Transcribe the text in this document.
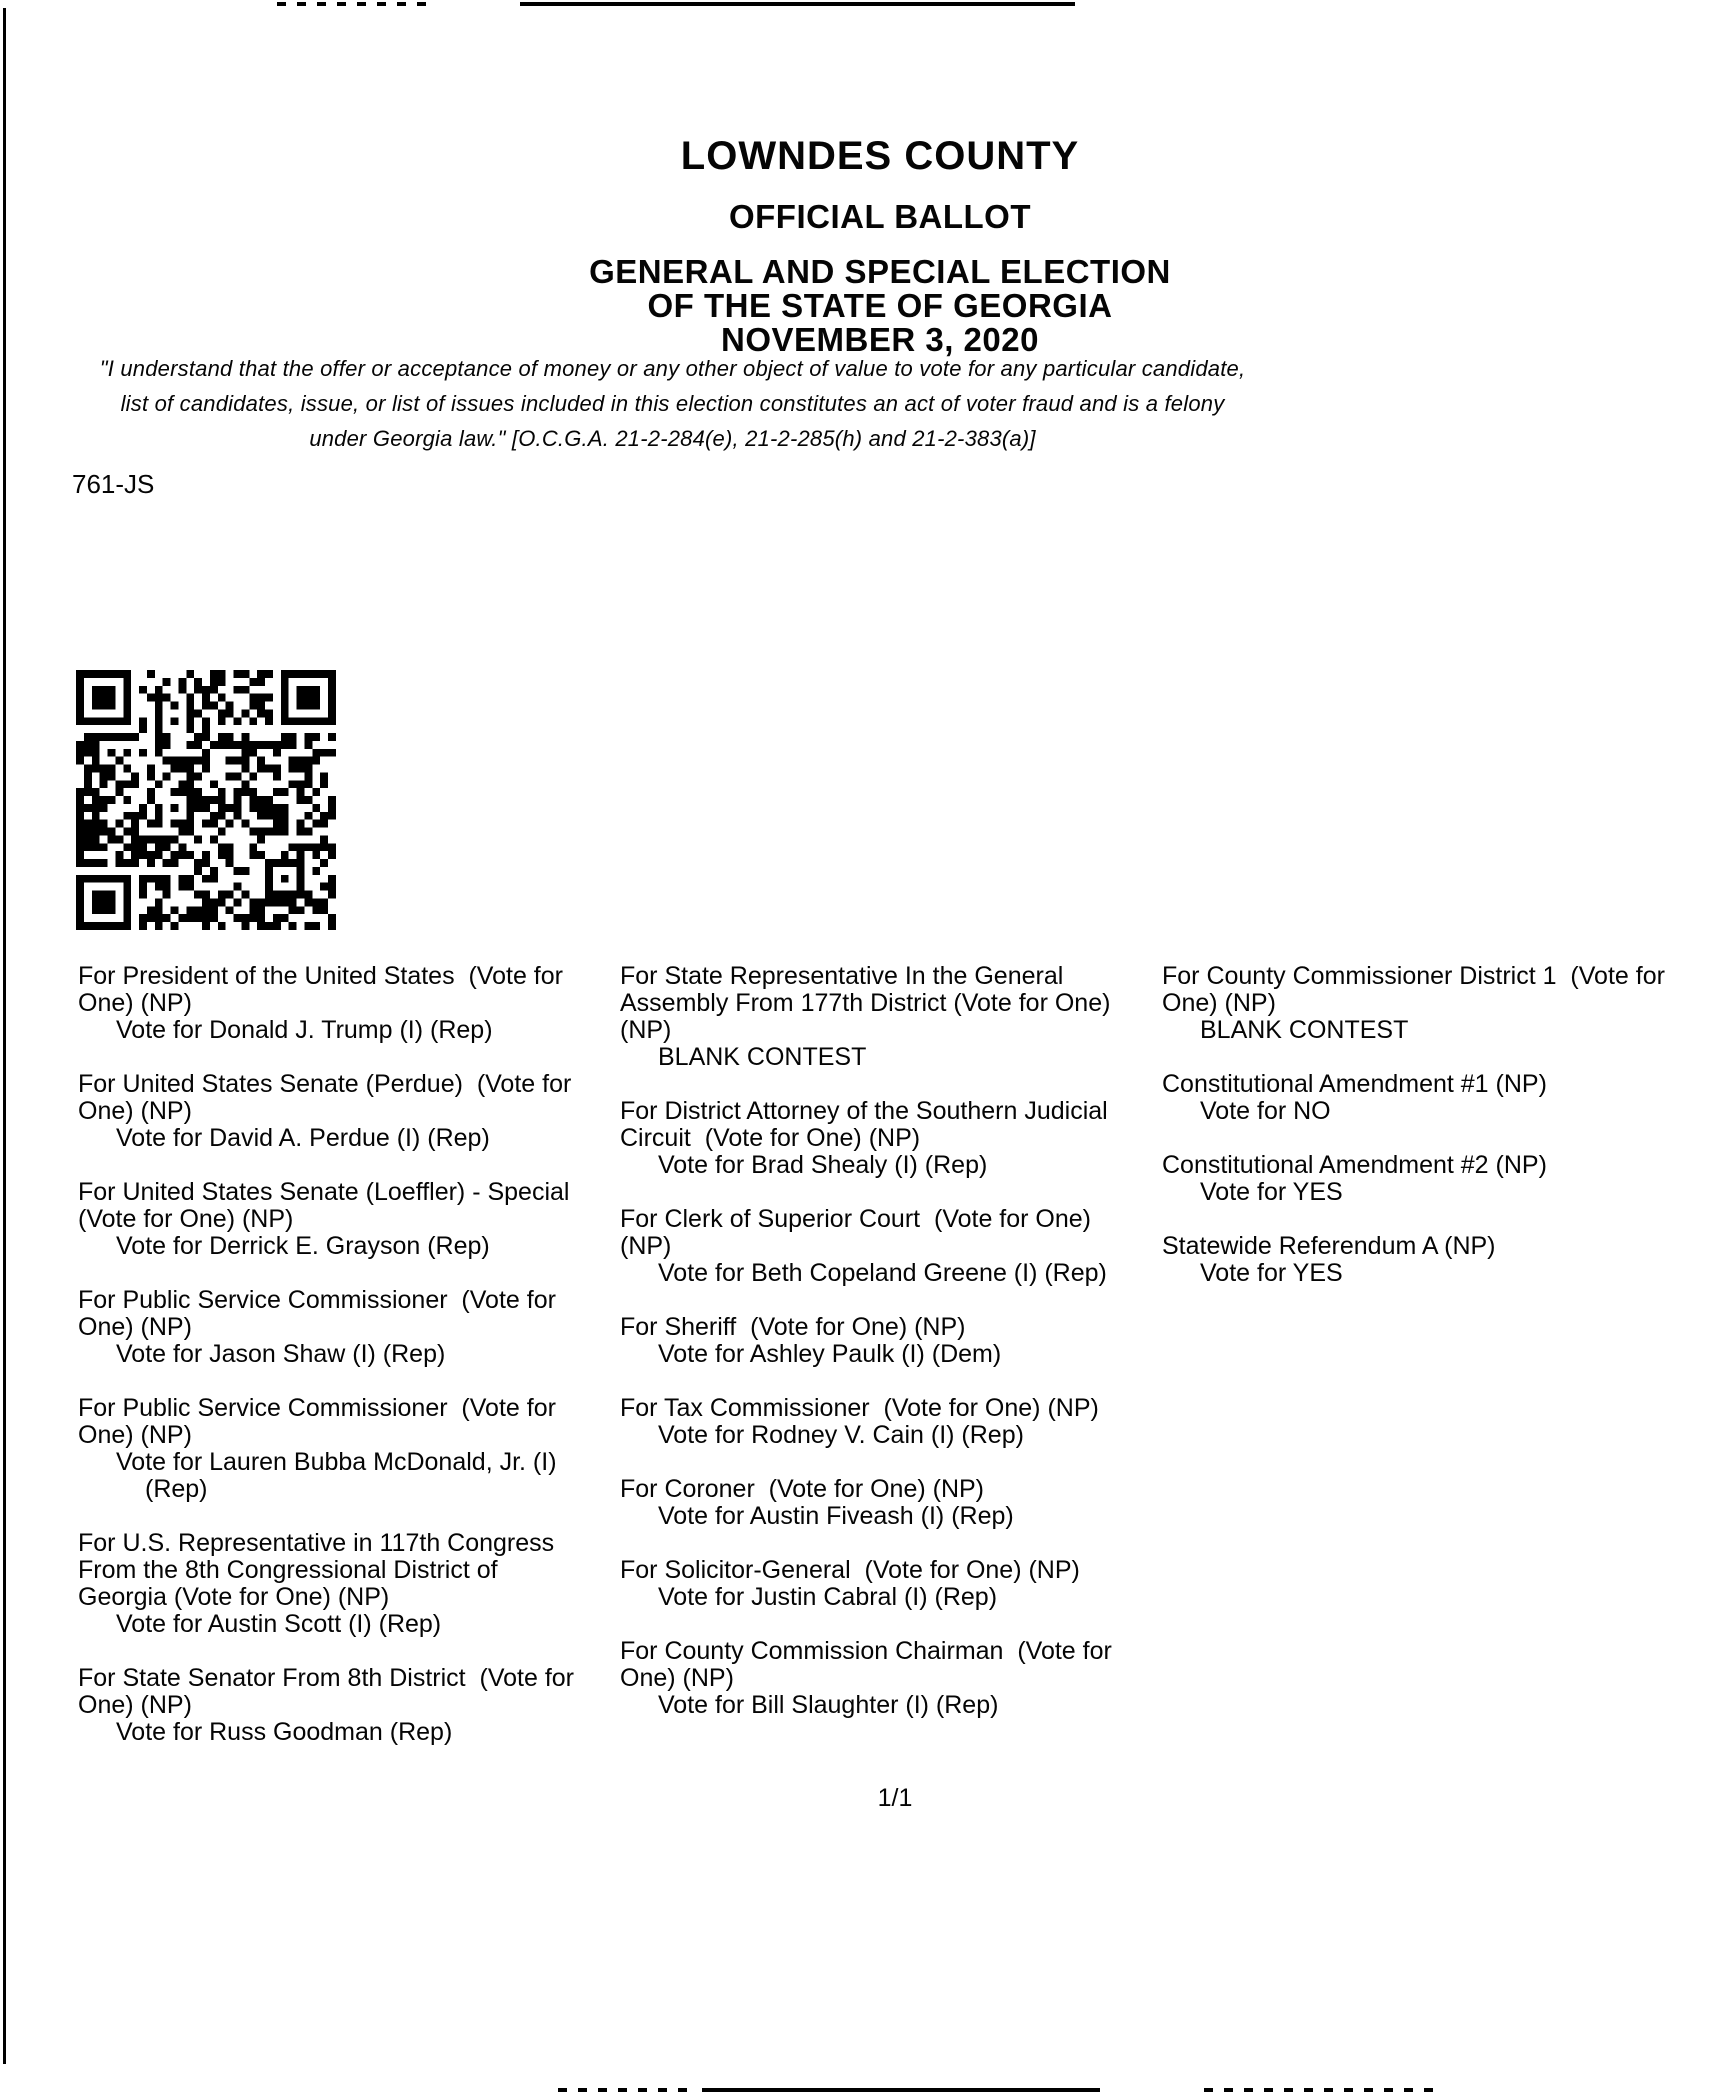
LOWNDES COUNTY
OFFICIAL BALLOT
GENERAL AND SPECIAL ELECTION
OF THE STATE OF GEORGIA
NOVEMBER 3, 2020
"I understand that the offer or acceptance of money or any other object of value to vote for any particular candidate,
list of candidates, issue, or list of issues included in this election constitutes an act of voter fraud and is a felony
under Georgia law." [O.C.G.A. 21-2-284(e), 21-2-285(h) and 21-2-383(a)]
761-JS
For President of the United States  (Vote for One) (NP)
Vote for Donald J. Trump (I) (Rep)
For United States Senate (Perdue)  (Vote for One) (NP)
Vote for David A. Perdue (I) (Rep)
For United States Senate (Loeffler) - Special  (Vote for One) (NP)
Vote for Derrick E. Grayson (Rep)
For Public Service Commissioner  (Vote for One) (NP)
Vote for Jason Shaw (I) (Rep)
For Public Service Commissioner  (Vote for One) (NP)
Vote for Lauren Bubba McDonald, Jr. (I) (Rep)
For U.S. Representative in 117th Congress From the 8th Congressional District of Georgia (Vote for One) (NP)
Vote for Austin Scott (I) (Rep)
For State Senator From 8th District  (Vote for One) (NP)
Vote for Russ Goodman (Rep)
For State Representative In the General Assembly From 177th District (Vote for One) (NP)
BLANK CONTEST
For District Attorney of the Southern Judicial Circuit  (Vote for One) (NP)
Vote for Brad Shealy (I) (Rep)
For Clerk of Superior Court  (Vote for One) (NP)
Vote for Beth Copeland Greene (I) (Rep)
For Sheriff  (Vote for One) (NP)
Vote for Ashley Paulk (I) (Dem)
For Tax Commissioner  (Vote for One) (NP)
Vote for Rodney V. Cain (I) (Rep)
For Coroner  (Vote for One) (NP)
Vote for Austin Fiveash (I) (Rep)
For Solicitor-General  (Vote for One) (NP)
Vote for Justin Cabral (I) (Rep)
For County Commission Chairman  (Vote for One) (NP)
Vote for Bill Slaughter (I) (Rep)
For County Commissioner District 1  (Vote for One) (NP)
BLANK CONTEST
Constitutional Amendment #1 (NP)
Vote for NO
Constitutional Amendment #2 (NP)
Vote for YES
Statewide Referendum A (NP)
Vote for YES
1/1
